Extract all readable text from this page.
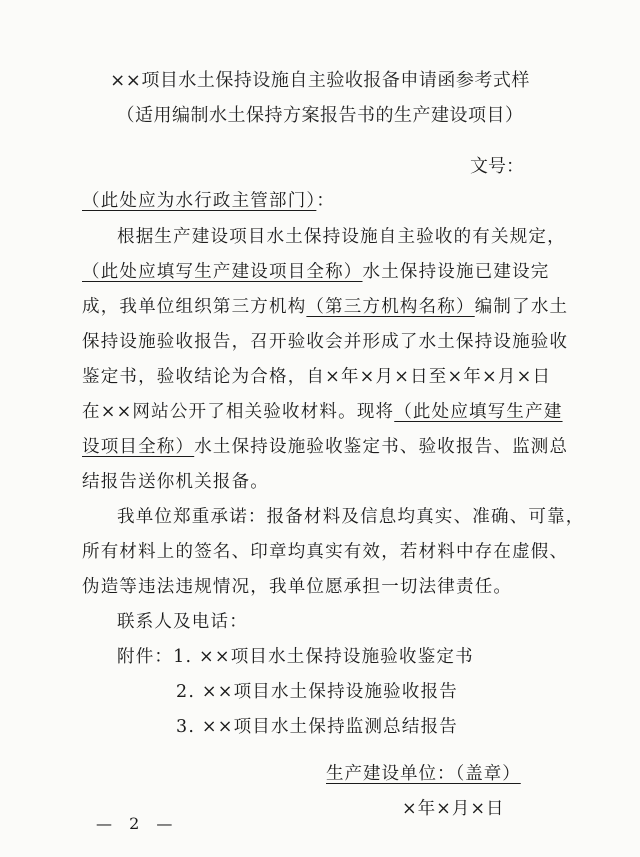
××项目水土保持设施自主验收报备申请函参考式样
（适用编制水土保持方案报告书的生产建设项目）
文号：
（此处应为水行政主管部门）：
根据生产建设项目水土保持设施自主验收的有关规定，
（此处应填写生产建设项目全称）水土保持设施已建设完
成，我单位组织第三方机构（第三方机构名称）编制了水土
保持设施验收报告，召开验收会并形成了水土保持设施验收
鉴定书，验收结论为合格，自×年×月×日至×年×月×日
在××网站公开了相关验收材料。现将（此处应填写生产建
设项目全称）水土保持设施验收鉴定书、验收报告、监测总
结报告送你机关报备。
我单位郑重承诺：报备材料及信息均真实、准确、可靠，
所有材料上的签名、印章均真实有效，若材料中存在虚假、
伪造等违法违规情况，我单位愿承担一切法律责任。
联系人及电话：
附件：1. ××项目水土保持设施验收鉴定书
2. ××项目水土保持设施验收报告
3. ××项目水土保持监测总结报告
生产建设单位：（盖章）
×年×月×日
— 2 —
